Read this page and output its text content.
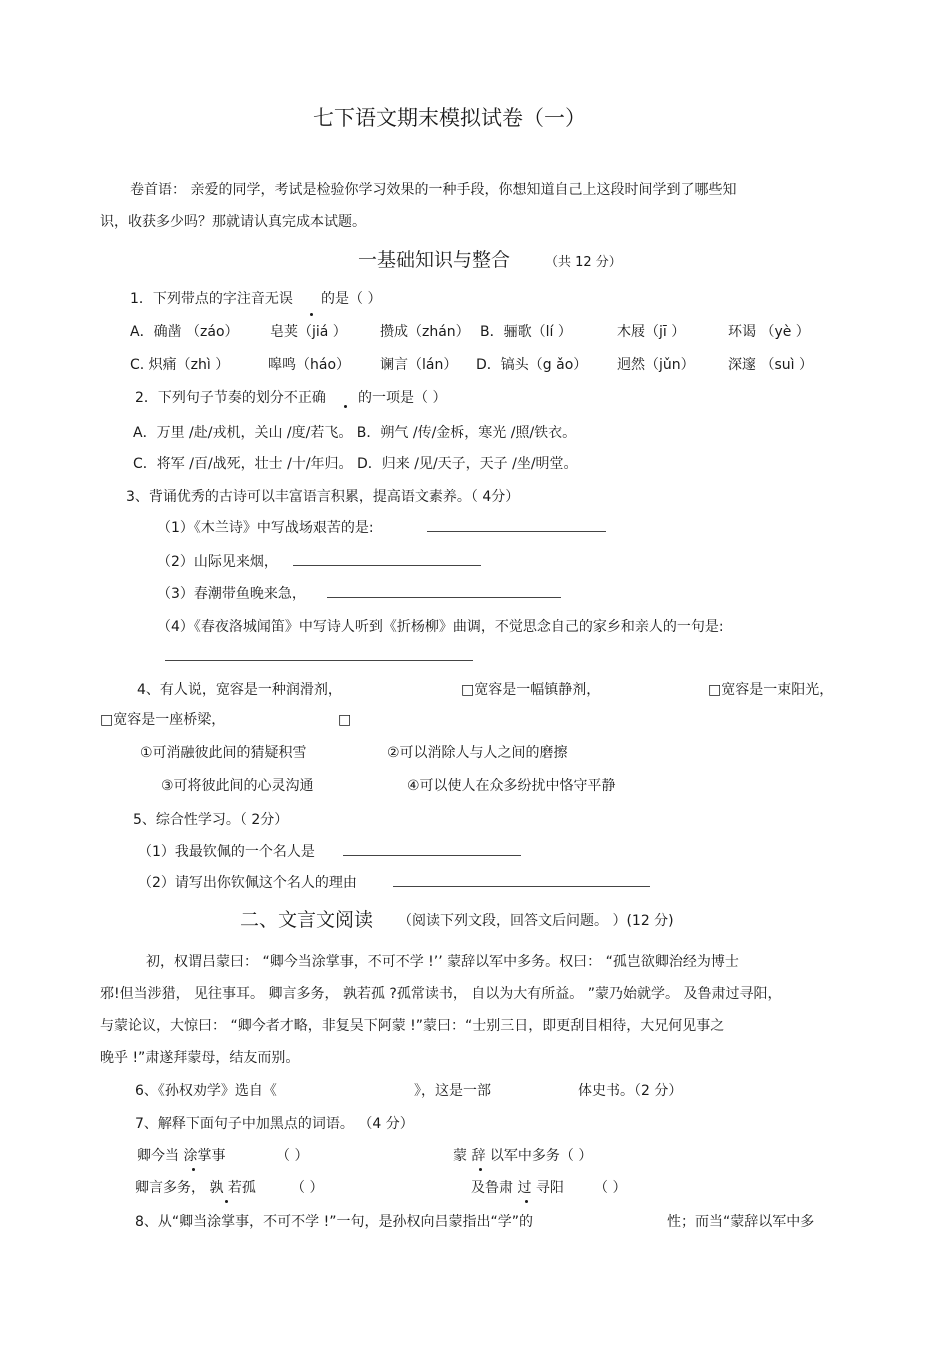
七下语文期末模拟试卷（一）
卷首语： 亲爱的同学，考试是检验你学习效果的一种手段，你想知道自己上这段时间学到了哪些知
识，收获多少吗？那就请认真完成本试题。
一基础知识与整合	（共 12 分）
1．下列带点的字注音无误 的是（ ）
A．确凿 （záo） 皂荚（jiá ） 攒成（zhán） B．骊歌（lí ）	木屐（jī ）	环谒 （yè ）
C. 炽痛（zhì ）	嗥鸣（háo） 谰言（lán） D．镐头（g ǎo） 迥然（jǔn） 深邃 （suì ）
2．下列句子节奏的划分不正确 的一项是（ ）
A．万里 /赴/戎机，关山 /度/若飞。 B．朔气 /传/金柝，寒光 /照/铁衣。
C．将军 /百/战死，壮士 /十/年归。 D．归来 /见/天子，天子 /坐/明堂。
3、背诵优秀的古诗可以丰富语言积累，提高语文素养。（ 4分）
（1）《木兰诗》中写战场艰苦的是:
（2）山际见来烟，
（3）春潮带鱼晚来急，
（4）《春夜洛城闻笛》中写诗人听到《折杨柳》曲调，不觉思念自己的家乡和亲人的一句是:
4、有人说，宽容是一种润滑剂，	□宽容是一幅镇静剂，	□宽容是一束阳光，
□宽容是一座桥梁，	□
①可消融彼此间的猜疑积雪	②可以消除人与人之间的磨擦
③可将彼此间的心灵沟通	④可以使人在众多纷扰中恪守平静
5、综合性学习。（ 2分）
（1）我最钦佩的一个名人是
（2）请写出你钦佩这个名人的理由
二、文言文阅读 （阅读下列文段，回答文后问题。 ）(12 分)
初，权谓吕蒙曰： “卿今当涂掌事，不可不学 !’’ 蒙辞以军中多务。权曰： “孤岂欲卿治经为博士
邪!但当涉猎， 见往事耳。 卿言多务， 孰若孤 ?孤常读书， 自以为大有所益。 ”蒙乃始就学。 及鲁肃过寻阳，
与蒙论议，大惊曰： “卿今者才略，非复吴下阿蒙 !”蒙曰：“士别三日，即更刮目相待，大兄何见事之
晚乎 !”肃遂拜蒙母，结友而别。
6、《孙权劝学》选自《	》，这是一部	体史书。（2 分）
7、解释下面句子中加黑点的词语。 （4 分）
卿今当 涂掌事	（ ）	蒙 辞 以军中多务（ ）
卿言多务， 孰 若孤	（ ）	及鲁肃 过 寻阳 （ ）
8、从“卿当涂掌事，不可不学 !”一句，是孙权向吕蒙指出“学”的	性；而当“蒙辞以军中多
